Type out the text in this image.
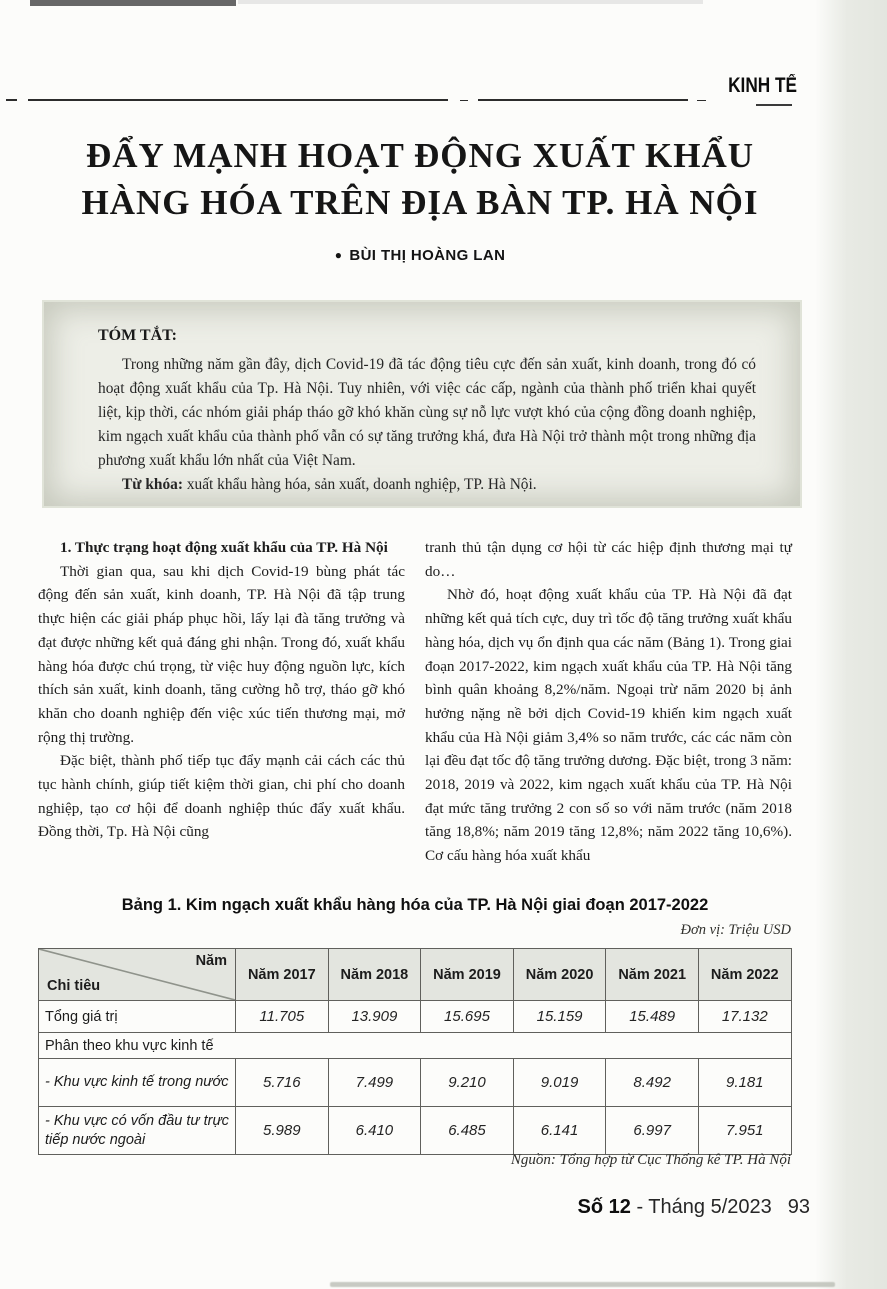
KINH TẾ
ĐẨY MẠNH HOẠT ĐỘNG XUẤT KHẨU
HÀNG HÓA TRÊN ĐỊA BÀN TP. HÀ NỘI
● BÙI THỊ HOÀNG LAN
TÓM TẮT:

Trong những năm gần đây, dịch Covid-19 đã tác động tiêu cực đến sản xuất, kinh doanh, trong đó có hoạt động xuất khẩu của Tp. Hà Nội. Tuy nhiên, với việc các cấp, ngành của thành phố triển khai quyết liệt, kịp thời, các nhóm giải pháp tháo gỡ khó khăn cùng sự nỗ lực vượt khó của cộng đồng doanh nghiệp, kim ngạch xuất khẩu của thành phố vẫn có sự tăng trưởng khá, đưa Hà Nội trở thành một trong những địa phương xuất khẩu lớn nhất của Việt Nam.

Từ khóa: xuất khẩu hàng hóa, sản xuất, doanh nghiệp, TP. Hà Nội.

1. Thực trạng hoạt động xuất khẩu của TP. Hà Nội

Thời gian qua, sau khi dịch Covid-19 bùng phát tác động đến sản xuất, kinh doanh, TP. Hà Nội đã tập trung thực hiện các giải pháp phục hồi, lấy lại đà tăng trưởng và đạt được những kết quả đáng ghi nhận. Trong đó, xuất khẩu hàng hóa được chú trọng, từ việc huy động nguồn lực, kích thích sản xuất, kinh doanh, tăng cường hỗ trợ, tháo gỡ khó khăn cho doanh nghiệp đến việc xúc tiến thương mại, mở rộng thị trường.

Đặc biệt, thành phố tiếp tục đẩy mạnh cải cách các thủ tục hành chính, giúp tiết kiệm thời gian, chi phí cho doanh nghiệp, tạo cơ hội để doanh nghiệp thúc đẩy xuất khẩu. Đồng thời, Tp. Hà Nội cũng

tranh thủ tận dụng cơ hội từ các hiệp định thương mại tự do…

Nhờ đó, hoạt động xuất khẩu của TP. Hà Nội đã đạt những kết quả tích cực, duy trì tốc độ tăng trưởng xuất khẩu hàng hóa, dịch vụ ổn định qua các năm (Bảng 1). Trong giai đoạn 2017-2022, kim ngạch xuất khẩu của TP. Hà Nội tăng bình quân khoảng 8,2%/năm. Ngoại trừ năm 2020 bị ảnh hưởng nặng nề bởi dịch Covid-19 khiến kim ngạch xuất khẩu của Hà Nội giảm 3,4% so năm trước, các các năm còn lại đều đạt tốc độ tăng trưởng dương. Đặc biệt, trong 3 năm: 2018, 2019 và 2022, kim ngạch xuất khẩu của TP. Hà Nội đạt mức tăng trưởng 2 con số so với năm trước (năm 2018 tăng 18,8%; năm 2019 tăng 12,8%; năm 2022 tăng 10,6%). Cơ cấu hàng hóa xuất khẩu

Bảng 1. Kim ngạch xuất khẩu hàng hóa của TP. Hà Nội giai đoạn 2017-2022
Đơn vị: Triệu USD
Năm
Chi tiêu	Năm 2017	Năm 2018	Năm 2019	Năm 2020	Năm 2021	Năm 2022
Tổng giá trị	11.705	13.909	15.695	15.159	15.489	17.132
Phân theo khu vực kinh tế						
- Khu vực kinh tế trong nước	5.716	7.499	9.210	9.019	8.492	9.181
- Khu vực có vốn đầu tư trực tiếp nước ngoài	5.989	6.410	6.485	6.141	6.997	7.951
Nguồn: Tổng hợp từ Cục Thống kê TP. Hà Nội
Số 12 - Tháng 5/2023 93
